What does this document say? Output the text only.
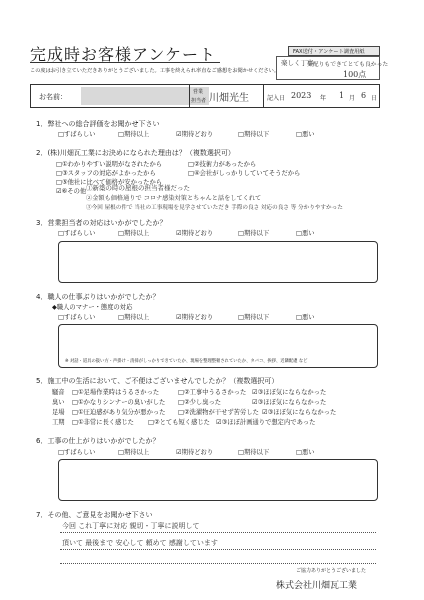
完成時お客様アンケート
この度はお引き立ていただきありがとうございました。工事を終えられ率直なご感想をお聞かせください。
FAX送付・アンケート調査用紙
楽しく丁寧
気配りもできてとても良かった
100点
お名前：
営業
担当者 川畑光生	記入日 2023 年 1 月 6 日
1．弊社への総合評価をお聞かせ下さい
□すばらしい	□期待以上	☑期待どおり	□期待以下	□悪い
2．(株)川畑瓦工業にお決めになられた理由は？（複数選択可）
□①わかりやすい説明がなされたから	□②技術力があったから
□③スタッフの対応がよかったから	□④会社がしっかりしていてそうだから
□⑤他社に比べて価格が安かったから
☑⑥その他 ①新築の時の屋根の担当者様だった
②金額も価格通りで コロナ感染対策とちゃんと話をしてくれて
③今回 屋根の件で 当社の工事現場を見学させていただき 手際の良さ 対応の良さ 等 分かりやすかった
3．営業担当者の対応はいかがでしたか？
□すばらしい	□期待以上	☑期待どおり	□期待以下	□悪い
4．職人の仕事ぶりはいかがでしたか？
◆職人のマナー・態度の対応
□すばらしい	□期待以上	☑期待どおり	□期待以下	□悪い
※ 対話・道具の扱い方・声掛け・清掃がしっかりできていたか、現場を整理整頓されていたか、タバコ、挨拶、近隣配慮 など
5．施工中の生活において、ご不便はございませんでしたか？（複数選択可）
騒音 □①足場作業時はうるさかった	□②工事中うるさかった ☑③ほぼ気にならなかった
臭い □①かなりシンナーの臭いがした □②少し臭った	☑③ほぼ気にならなかった
足場 □①圧迫感があり気分が悪かった □②洗濯物が干せず苦労した ☑③ほぼ気にならなかった
工期 □①非常に長く感じた □②とても短く感じた ☑③ほぼ計画通りで想定内であった
6．工事の仕上がりはいかがでしたか？
□すばらしい	□期待以上	☑期待どおり	□期待以下	□悪い
7．その他、ご意見をお聞かせ下さい
今回 これ丁寧に対応 親切・丁寧に説明して
頂いて 最後まで 安心して 頼めて 感謝しています
ご協力ありがとうございました
株式会社川畑瓦工業
